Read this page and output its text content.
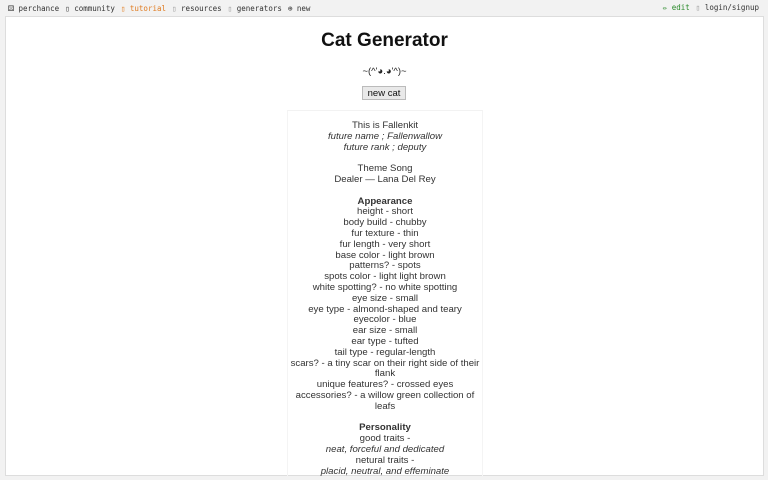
⚄ perchance ▯ community ▯ tutorial ▯ resources ▯ generators ⊕ new	✏ edit ▯ login/signup
Cat Generator
~(^'◕.◕'^)~
new cat
This is Fallenkit
future name ; Fallenwallow
future rank ; deputy
Theme Song
Dealer — Lana Del Rey
Appearance
height - short
body build - chubby
fur texture - thin
fur length - very short
base color - light brown
patterns? - spots
spots color - light light brown
white spotting? - no white spotting
eye size - small
eye type - almond-shaped and teary
eyecolor - blue
ear size - small
ear type - tufted
tail type - regular-length
scars? - a tiny scar on their right side of their flank
unique features? - crossed eyes
accessories? - a willow green collection of leafs
Personality
good traits -
neat, forceful and dedicated
netural traits -
placid, neutral, and effeminate
